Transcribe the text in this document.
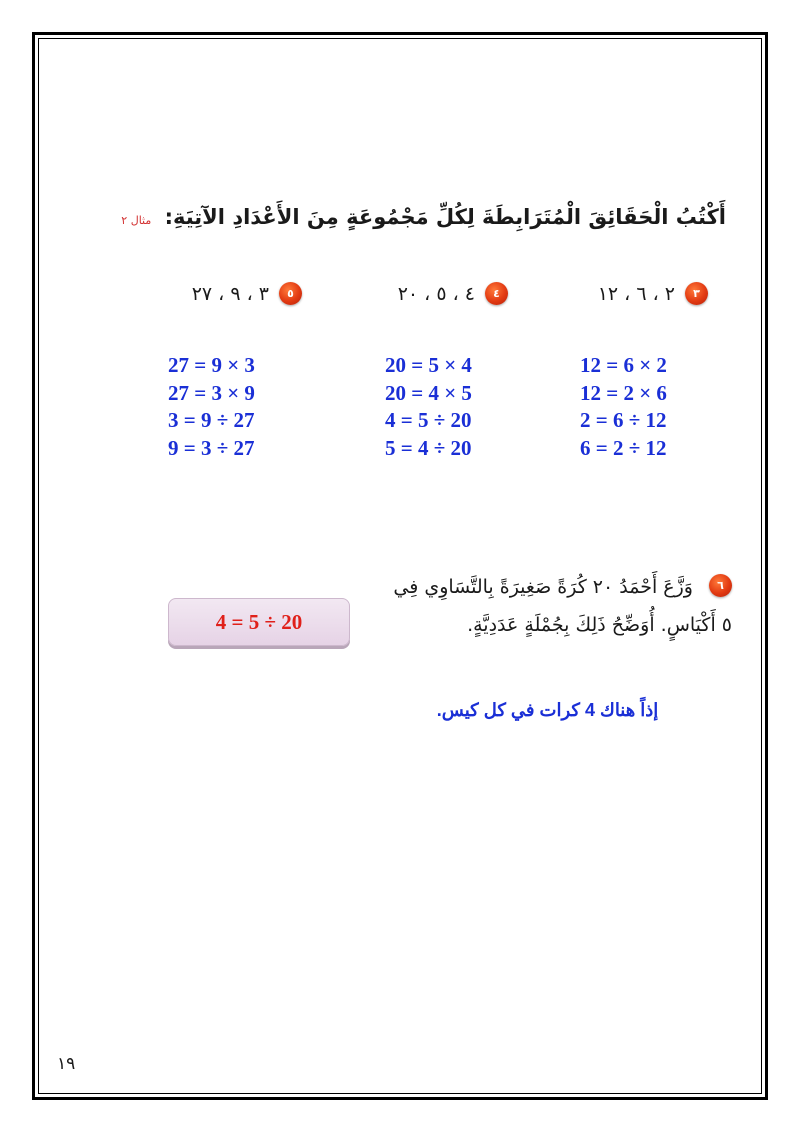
أَكْتُبُ الْحَقَائِقَ الْمُتَرَابِطَةَ لِكُلِّ مَجْمُوعَةٍ مِنَ الأَعْدَادِ الآتِيَةِ: مثال ٢
٣
٢ ، ٦ ، ١٢
12 = 6 × 2
12 = 2 × 6
2 = 6 ÷ 12
6 = 2 ÷ 12
٤
٤ ، ٥ ، ٢٠
20 = 5 × 4
20 = 4 × 5
4 = 5 ÷ 20
5 = 4 ÷ 20
٥
٣ ، ٩ ، ٢٧
27 = 9 × 3
27 = 3 × 9
3 = 9 ÷ 27
9 = 3 ÷ 27
٦ وَزَّعَ أَحْمَدُ ٢٠ كُرَةً صَغِيرَةً بِالتَّسَاوِي فِي
٥ أَكْيَاسٍ. أُوَضِّحُ ذَلِكَ بِجُمْلَةٍ عَدَدِيَّةٍ.
4 = 5 ÷ 20
إذاً هناك 4 كرات في كل كيس.
١٩
